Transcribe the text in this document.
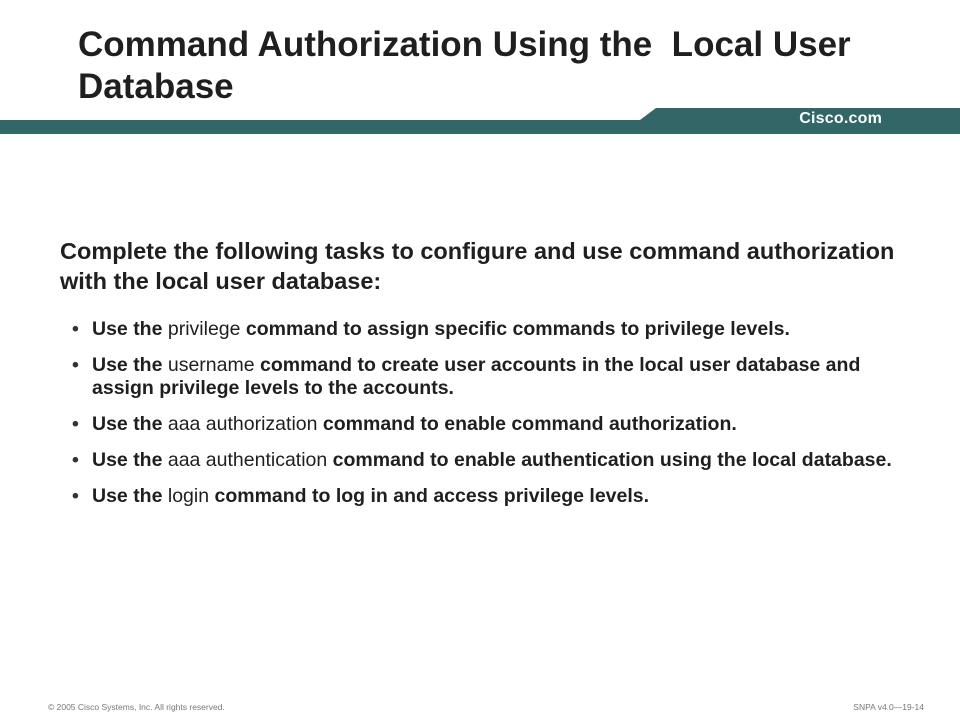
Command Authorization Using the  Local User Database
Cisco.com
Complete the following tasks to configure and use command authorization with the local user database:
• Use the privilege command to assign specific commands to privilege levels.
• Use the username command to create user accounts in the local user database and assign privilege levels to the accounts.
• Use the aaa authorization command to enable command authorization.
• Use the aaa authentication command to enable authentication using the local database.
• Use the login command to log in and access privilege levels.
© 2005 Cisco Systems, Inc. All rights reserved.	SNPA v4.0—19-14
